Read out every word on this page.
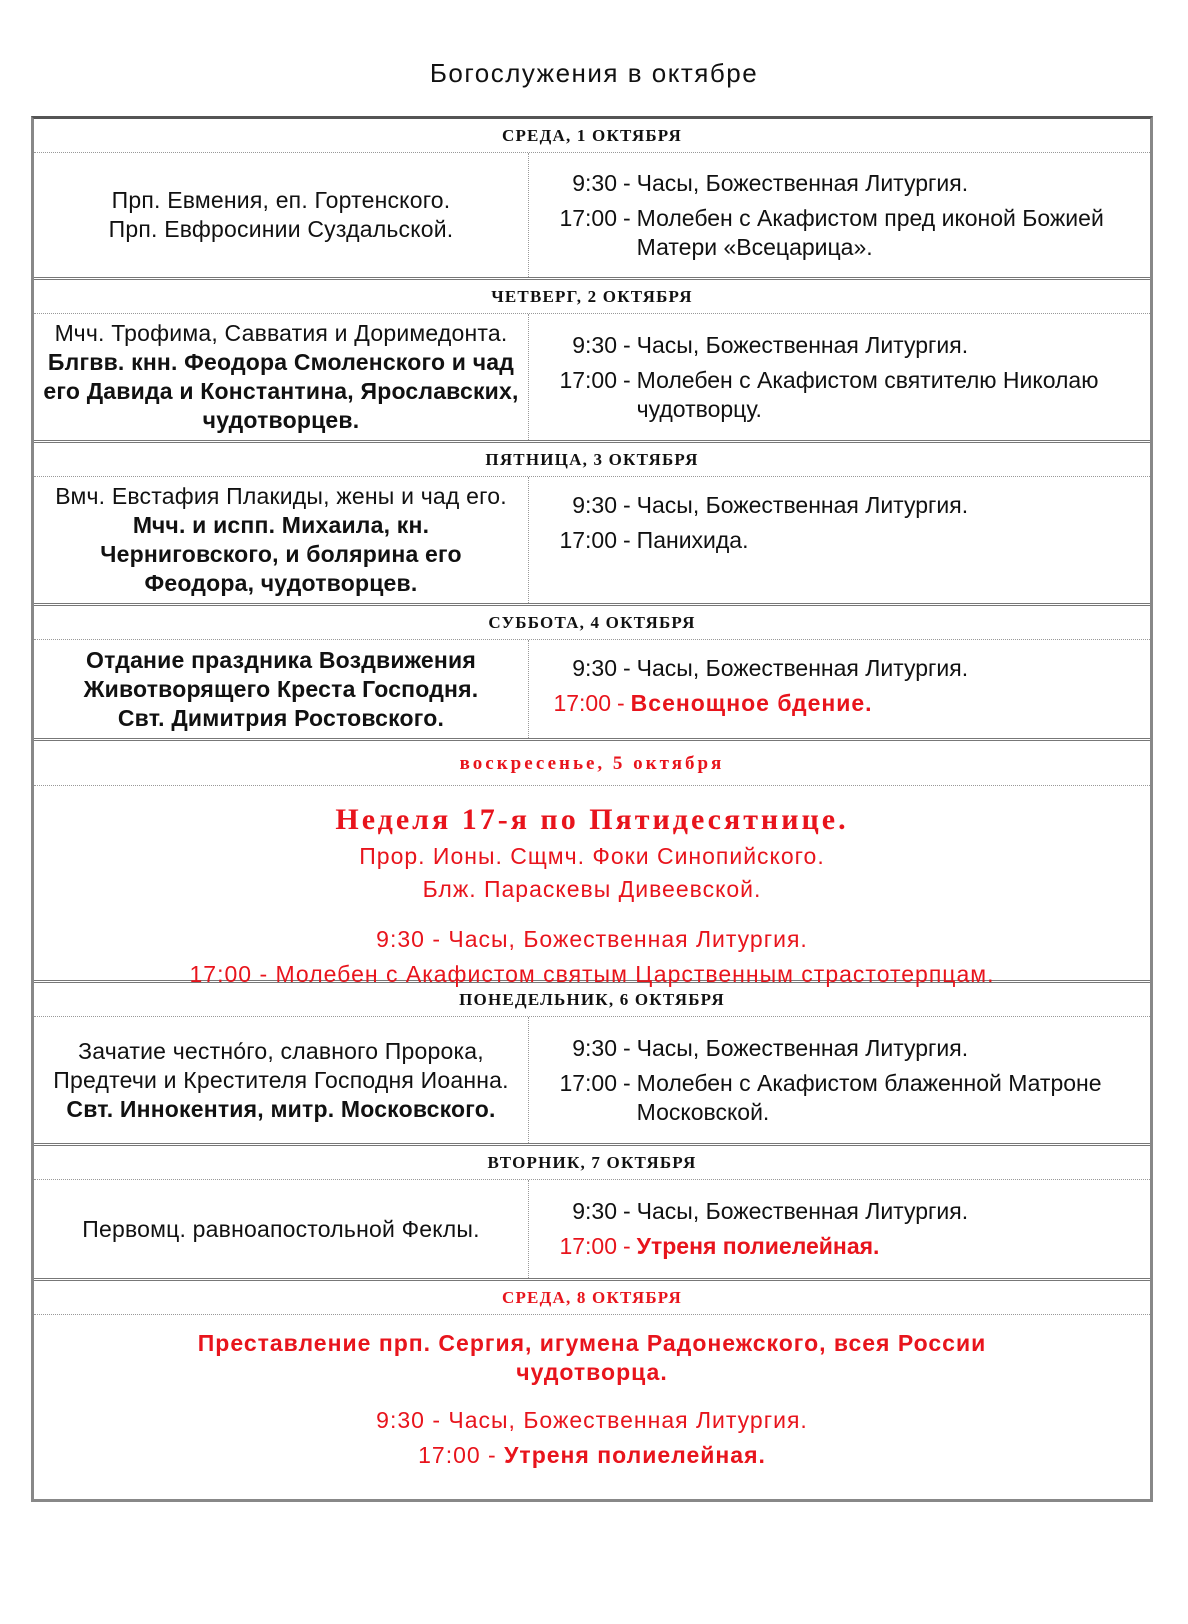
Богослужения в октябре
СРЕДА, 1 ОКТЯБРЯ
Прп. Евмения, еп. Гортенского.
Прп. Евфросинии Суздальской.
9:30 - Часы, Божественная Литургия.
17:00 - Молебен с Акафистом пред иконой Божией Матери «Всецарица».
ЧЕТВЕРГ, 2 ОКТЯБРЯ
Мчч. Трофима, Савватия и Доримедонта.
Блгвв. кнн. Феодора Смоленского и чад его Давида и Константина, Ярославских, чудотворцев.
9:30 - Часы, Божественная Литургия.
17:00 - Молебен с Акафистом святителю Николаю чудотворцу.
ПЯТНИЦА, 3 ОКТЯБРЯ
Вмч. Евстафия Плакиды, жены и чад его.
Мчч. и испп. Михаила, кн. Черниговского, и болярина его Феодора, чудотворцев.
9:30 - Часы, Божественная Литургия.
17:00 - Панихида.
СУББОТА, 4 ОКТЯБРЯ
Отдание праздника Воздвижения Животворящего Креста Господня. Свт. Димитрия Ростовского.
9:30 - Часы, Божественная Литургия.
17:00 - Всенощное бдение.
воскресенье, 5 октября
Неделя 17-я по Пятидесятнице.
Прор. Ионы. Сщмч. Фоки Синопийского.
Блж. Параскевы Дивеевской.
9:30 - Часы, Божественная Литургия.
17:00 - Молебен с Акафистом святым Царственным страстотерпцам.
ПОНЕДЕЛЬНИК, 6 ОКТЯБРЯ
Зачатие честно́го, славного Пророка, Предтечи и Крестителя Господня Иоанна.
Свт. Иннокентия, митр. Московского.
9:30 - Часы, Божественная Литургия.
17:00 - Молебен с Акафистом блаженной Матроне Московской.
ВТОРНИК, 7 ОКТЯБРЯ
Первомц. равноапостольной Феклы.
9:30 - Часы, Божественная Литургия.
17:00 - Утреня полиелейная.
СРЕДА, 8 ОКТЯБРЯ
Преставление прп. Сергия, игумена Радонежского, всея России чудотворца.
9:30 - Часы, Божественная Литургия.
17:00 - Утреня полиелейная.
